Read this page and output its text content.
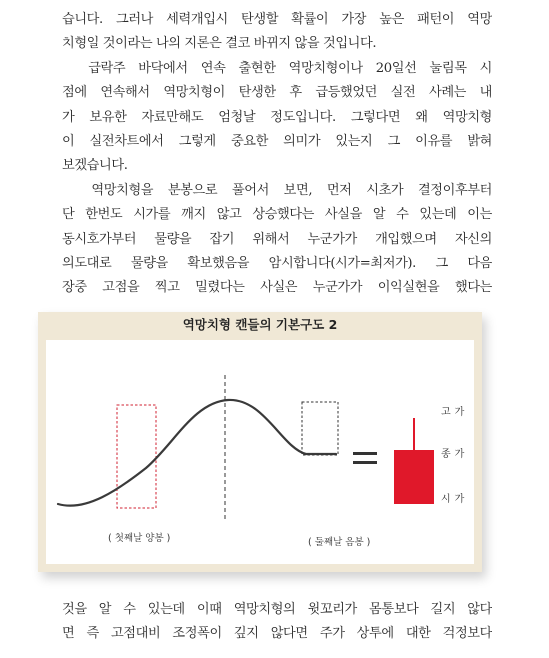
습니다. 그러나 세력개입시 탄생할 확률이 가장 높은 패턴이 역망
치형일 것이라는 나의 지론은 결코 바뀌지 않을 것입니다.
급락주 바닥에서 연속 출현한 역망치형이나 20일선 눌림목 시
점에 연속해서 역망치형이 탄생한 후 급등했었던 실전 사례는 내
가 보유한 자료만해도 엄청날 정도입니다. 그렇다면 왜 역망치형
이 실전차트에서 그렇게 중요한 의미가 있는지 그 이유를 밝혀
보겠습니다.
역망치형을 분봉으로 풀어서 보면, 먼저 시초가 결정이후부터
단 한번도 시가를 깨지 않고 상승했다는 사실을 알 수 있는데 이는
동시호가부터 물량을 잡기 위해서 누군가가 개입했으며 자신의
의도대로 물량을 확보했음을 암시합니다(시가=최저가). 그 다음
장중 고점을 찍고 밀렸다는 사실은 누군가가 이익실현을 했다는
역망치형 캔들의 기본구도 2
고가
종가
시가
( 첫째날 양봉 )	( 둘째날 음봉 )
것을 알 수 있는데 이때 역망치형의 윗꼬리가 몸통보다 길지 않다
면 즉 고점대비 조정폭이 깊지 않다면 주가 상투에 대한 걱정보다
